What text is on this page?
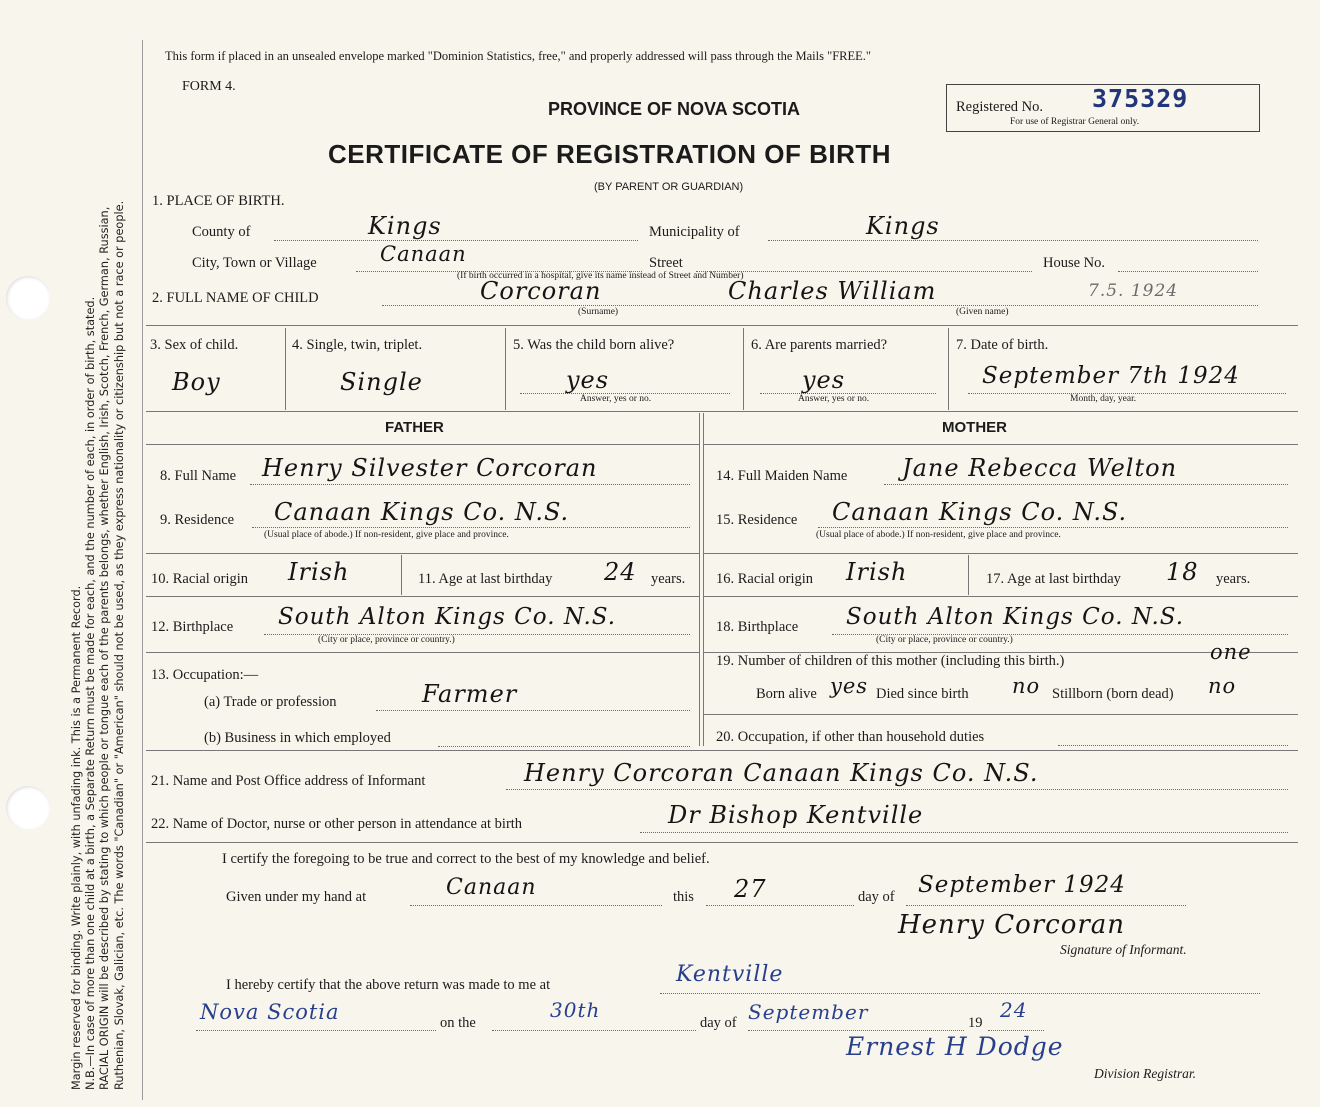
Margin reserved for binding. Write plainly, with unfading ink. This is a Permanent Record. N.B.—In case of more than one child at a birth, a Separate Return must be made for each, and the number of each, in order of birth, stated. RACIAL ORIGIN will be described by stating to which people or tongue each of the parents belongs, whether English, Irish, Scotch, French, German, Russian, Ruthenian, Slovak, Galician, etc. The words "Canadian" or "American" should not be used, as they express nationality or citizenship but not a race or people.
This form if placed in an unsealed envelope marked "Dominion Statistics, free," and properly addressed will pass through the Mails "FREE."
FORM 4.
PROVINCE OF NOVA SCOTIA
CERTIFICATE OF REGISTRATION OF BIRTH
(BY PARENT OR GUARDIAN)
Registered No. 375329
For use of Registrar General only.
1. PLACE OF BIRTH.
County of	Kings	Municipality of	Kings
City, Town or Village	Canaan
(If birth occurred in a hospital, give its name instead of Street and Number)
Street	House No.
2. FULL NAME OF CHILD	Corcoran	Charles William	7.5. 1924
(Surname)	(Given name)
3. Sex of child.
Boy
4. Single, twin, triplet.
Single
5. Was the child born alive?
yes
Answer, yes or no.
6. Are parents married?
yes
Answer, yes or no.
7. Date of birth.
September 7th 1924
Month, day, year.
FATHER	MOTHER
8. Full Name Henry Silvester Corcoran
9. Residence Canaan Kings Co. N.S.
(Usual place of abode.) If non-resident, give place and province.
10. Racial origin Irish	11. Age at last birthday 24 years.
12. Birthplace South Alton Kings Co. N.S.
(City or place, province or country.)
13. Occupation:—
(a) Trade or profession	Farmer
(b) Business in which employed
14. Full Maiden Name Jane Rebecca Welton
15. Residence Canaan Kings Co. N.S.
(Usual place of abode.) If non-resident, give place and province.
16. Racial origin Irish	17. Age at last birthday 18 years.
18. Birthplace South Alton Kings Co. N.S.
(City or place, province or country.)
19. Number of children of this mother (including this birth.)	one
Born alive yes Died since birth no Stillborn (born dead) no
20. Occupation, if other than household duties
21. Name and Post Office address of Informant	Henry Corcoran Canaan Kings Co. N.S.
22. Name of Doctor, nurse or other person in attendance at birth	Dr Bishop Kentville
I certify the foregoing to be true and correct to the best of my knowledge and belief.
Given under my hand at	Canaan	this 27	day of September 1924
Henry Corcoran
Signature of Informant.
I hereby certify that the above return was made to me at	Kentville
Nova Scotia	on the
30th
day of September	19
24
Ernest H Dodge
Division Registrar.
